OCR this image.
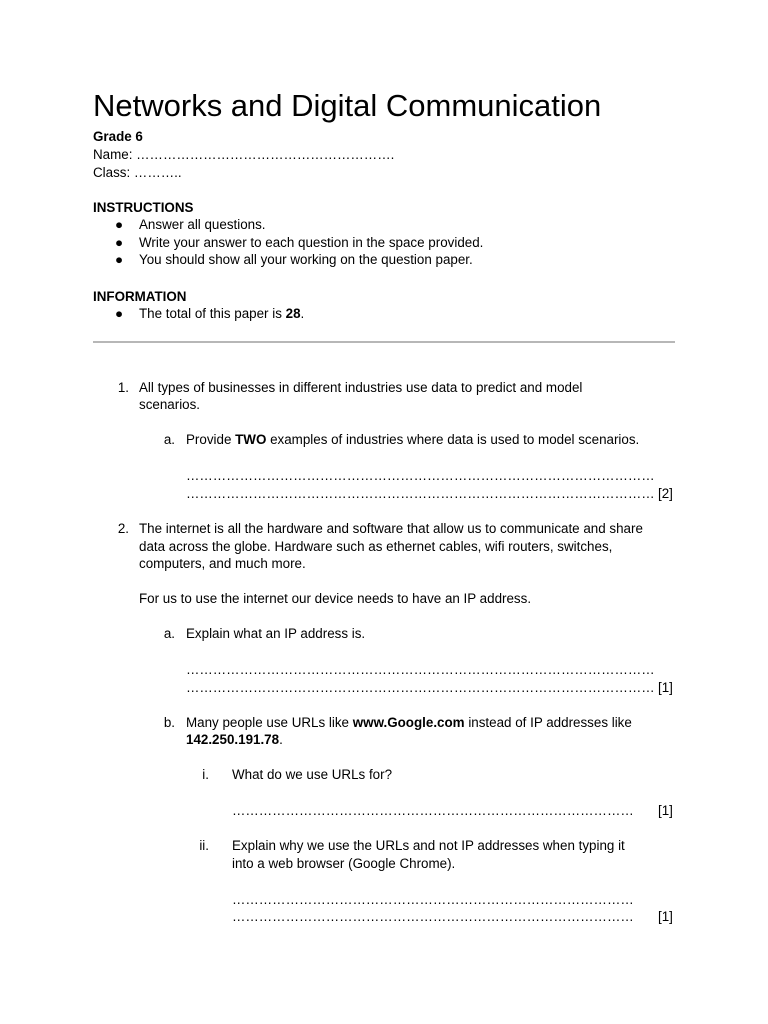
Networks and Digital Communication
Grade 6
Name: ………………………………………………….
Class: ………..
INSTRUCTIONS
● Answer all questions.
● Write your answer to each question in the space provided.
● You should show all your working on the question paper.
INFORMATION
● The total of this paper is 28.
1. All types of businesses in different industries use data to predict and model
scenarios.
a. Provide TWO examples of industries where data is used to model scenarios.
……………………………………………………………………………………………
…………………………………………………………………………………………… [2]
2. The internet is all the hardware and software that allow us to communicate and share
data across the globe. Hardware such as ethernet cables, wifi routers, switches,
computers, and much more.
For us to use the internet our device needs to have an IP address.
a. Explain what an IP address is.
……………………………………………………………………………………………
…………………………………………………………………………………………… [1]
b. Many people use URLs like www.Google.com instead of IP addresses like
142.250.191.78.
i. What do we use URLs for?
………………………………………………………………………………	[1]
ii. Explain why we use the URLs and not IP addresses when typing it
into a web browser (Google Chrome).
………………………………………………………………………………
………………………………………………………………………………	[1]
